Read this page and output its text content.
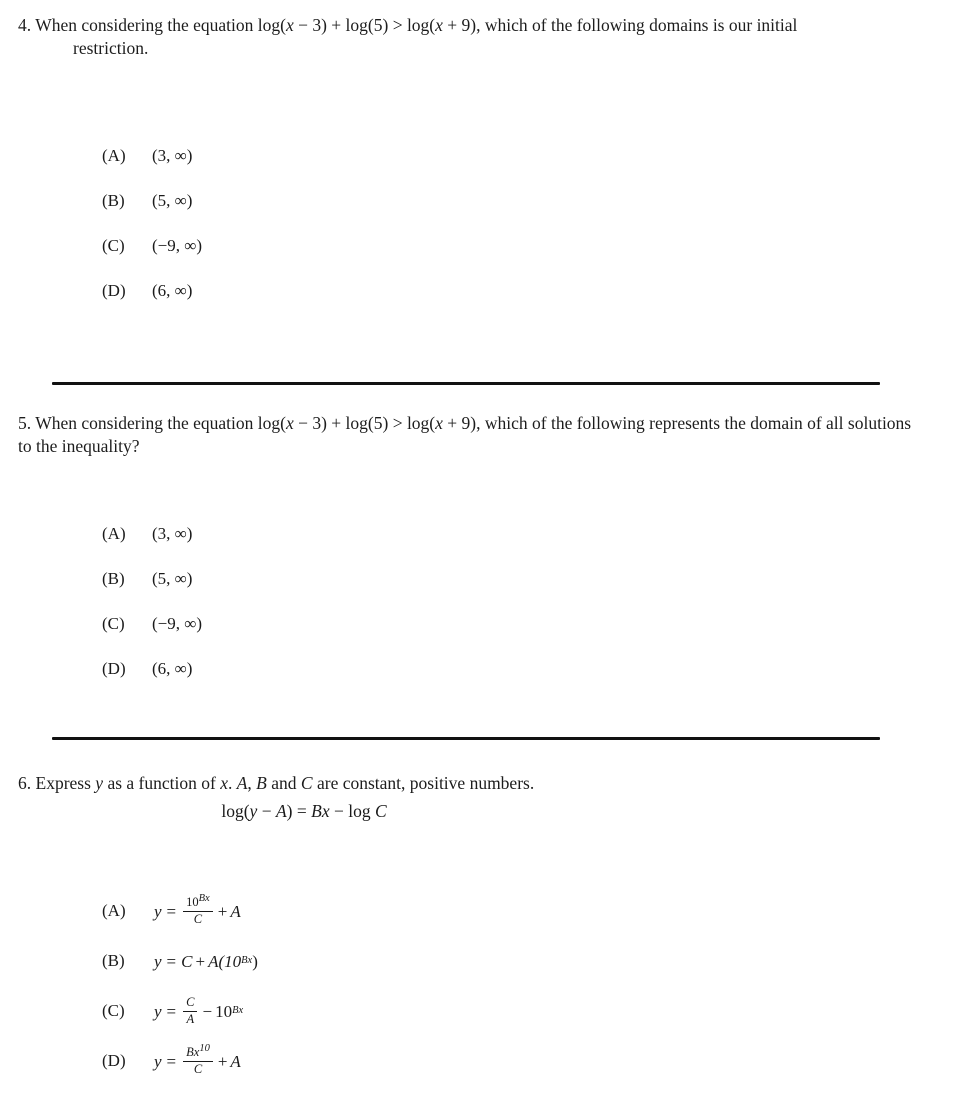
4. When considering the equation log(x − 3) + log(5) > log(x + 9), which of the following domains is our initial
restriction.
(A)	(3, ∞)
(B)	(5, ∞)
(C)	(−9, ∞)
(D)	(6, ∞)
5. When considering the equation log(x − 3) + log(5) > log(x + 9), which of the following represents the domain of all solutions to the inequality?
(A)	(3, ∞)
(B)	(5, ∞)
(C)	(−9, ∞)
(D)	(6, ∞)
6. Express y as a function of x. A, B and C are constant, positive numbers.
log(y − A) = Bx − log C
(A)	$y = \frac{10^{Bx}}{C} + A$
(B)	y = C + A(10 Bx )
(C)	$y = \frac{C}{A} - 10$ Bx
(D)	$y = \frac{Bx^{10}}{C} + A$
